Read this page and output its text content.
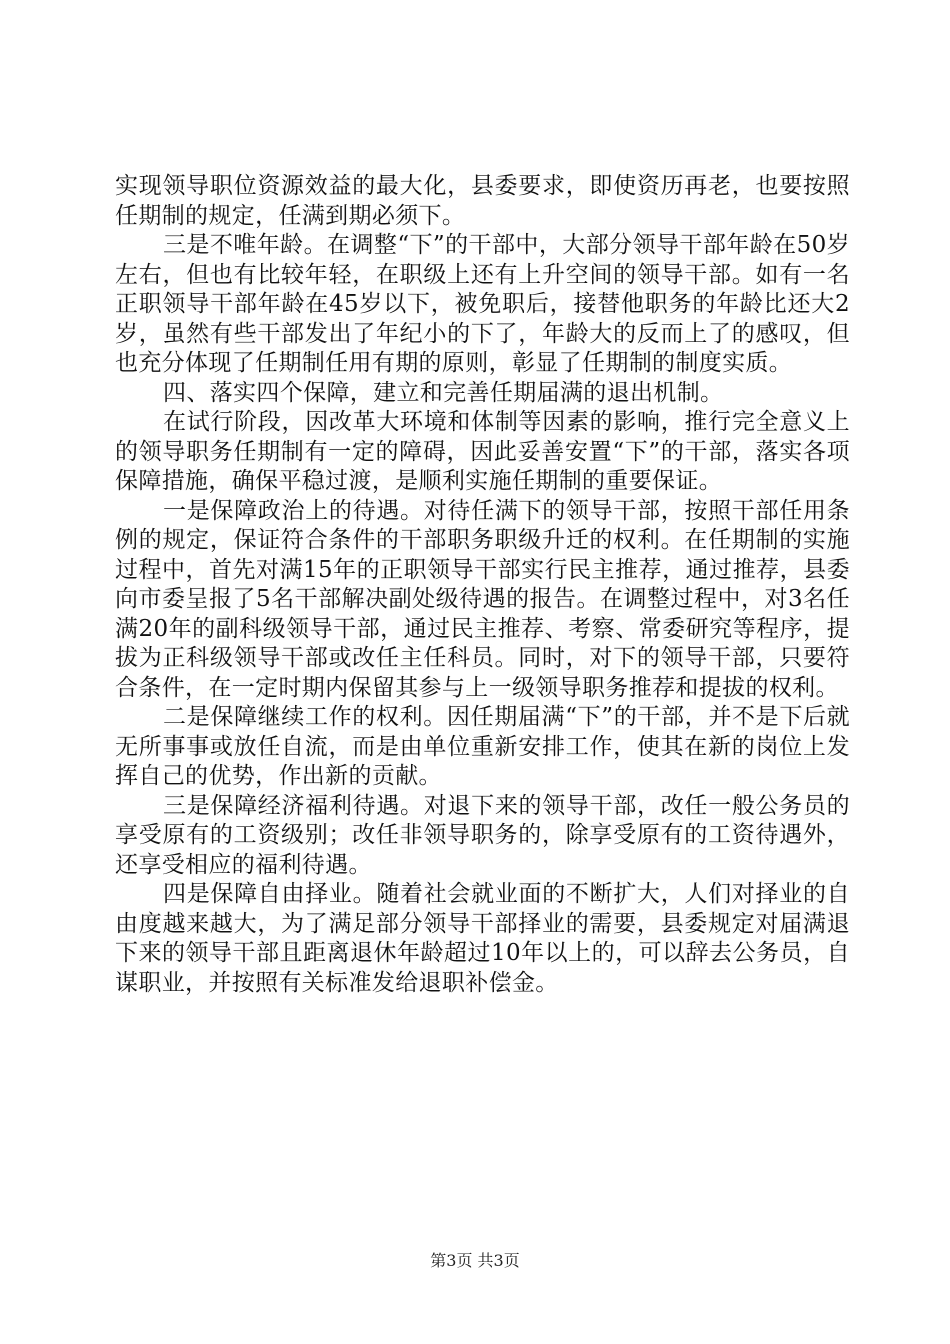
实现领导职位资源效益的最大化，县委要求，即使资历再老，也要按照任期制的规定，任满到期必须下。

三是不唯年龄。在调整“下”的干部中，大部分领导干部年龄在50岁左右，但也有比较年轻，在职级上还有上升空间的领导干部。如有一名正职领导干部年龄在45岁以下，被免职后，接替他职务的年龄比还大2岁，虽然有些干部发出了年纪小的下了，年龄大的反而上了的感叹，但也充分体现了任期制任用有期的原则，彰显了任期制的制度实质。

四、落实四个保障，建立和完善任期届满的退出机制。

在试行阶段，因改革大环境和体制等因素的影响，推行完全意义上的领导职务任期制有一定的障碍，因此妥善安置“下”的干部，落实各项保障措施，确保平稳过渡，是顺利实施任期制的重要保证。

一是保障政治上的待遇。对待任满下的领导干部，按照干部任用条例的规定，保证符合条件的干部职务职级升迁的权利。在任期制的实施过程中，首先对满15年的正职领导干部实行民主推荐，通过推荐，县委向市委呈报了5名干部解决副处级待遇的报告。在调整过程中，对3名任满20年的副科级领导干部，通过民主推荐、考察、常委研究等程序，提拔为正科级领导干部或改任主任科员。同时，对下的领导干部，只要符合条件，在一定时期内保留其参与上一级领导职务推荐和提拔的权利。

二是保障继续工作的权利。因任期届满“下”的干部，并不是下后就无所事事或放任自流，而是由单位重新安排工作，使其在新的岗位上发挥自己的优势，作出新的贡献。

三是保障经济福利待遇。对退下来的领导干部，改任一般公务员的享受原有的工资级别；改任非领导职务的，除享受原有的工资待遇外，还享受相应的福利待遇。

四是保障自由择业。随着社会就业面的不断扩大，人们对择业的自由度越来越大，为了满足部分领导干部择业的需要，县委规定对届满退下来的领导干部且距离退休年龄超过10年以上的，可以辞去公务员，自谋职业，并按照有关标准发给退职补偿金。

第3页 共3页
